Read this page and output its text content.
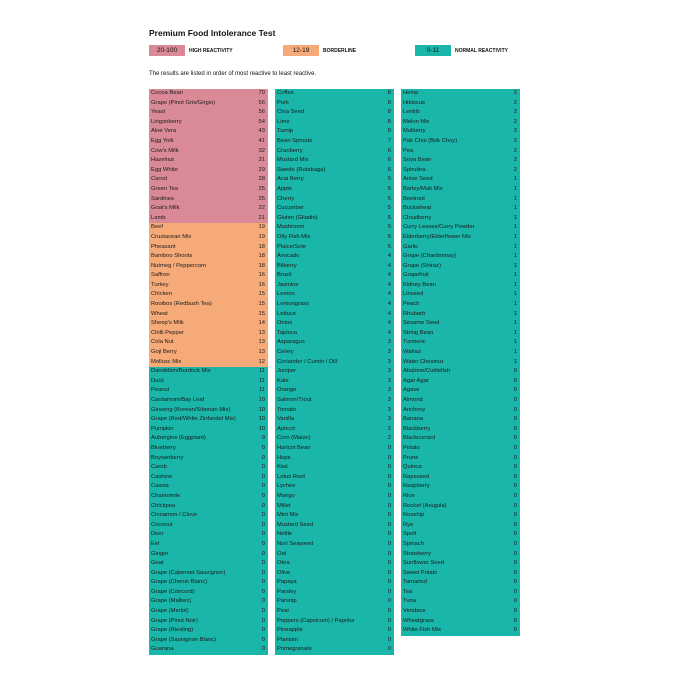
Premium Food Intolerance Test
20-100	HIGH REACTIVITY	12-19	BORDERLINE	0-11	NORMAL REACTIVITY
The results are listed in order of most reactive to least reactive.
Cocoa Bean	70
Grape (Pinot Gris/Grigio)	56
Yeast	56
Lingonberry	54
Aloe Vera	43
Egg Yolk	41
Cow's Milk	32
Hazelnut	31
Egg White	29
Carrot	28
Green Tea	25
Sardines	25
Goat's Milk	22
Lamb	21
Beef	19
Crustacean Mix	19
Pheasant	18
Bamboo Shoots	18
Nutmeg / Peppercorn	18
Saffron	16
Turkey	16
Chicken	15
Rooibos (Redbush Tea)	15
Wheat	15
Sheep's Milk	14
Chilli Pepper	13
Cola Nut	13
Goji Berry	13
Mollusc Mix	12
Dandelion/Burdock Mix	11
Duck	11
Peanut	11
Cardamom/Bay Leaf	10
Ginseng (Korean/Siberian Mix)	10
Grape (Red/White Zinfandel Mix)	10
Pumpkin	10
Aubergine (Eggplant)	9
Blueberry	0
Boysenberry	0
Carob	0
Cashew	0
Cassia	0
Chamomile	0
Chickpea	0
Cinnamon / Clove	0
Coconut	0
Deer	0
Eel	0
Ginger	0
Goat	0
Grape (Cabernet Sauvignon)	0
Grape (Chenin Blanc)	0
Grape (Concord)	0
Grape (Malbec)	0
Grape (Merlot)	0
Grape (Pinot Noir)	0
Grape (Riesling)	0
Grape (Sauvignon Blanc)	0
Guarana	0
Coffee	8
Pork	8
Chia Seed	8
Lime	8
Turnip	8
Bean Sprouts	7
Cranberry	6
Mustard Mix	6
Swede (Rutabaga)	6
Acai Berry	5
Apple	5
Cherry	5
Cucumber	5
Gluten (Gliadin)	5
Mushroom	5
Oily Fish Mix	5
Plaice/Sole	5
Avocado	4
Bilberry	4
Brazil	4
Jasmine	4
Lemon	4
Lemongrass	4
Lettuce	4
Onion	4
Tapioca	4
Asparagus	3
Celery	3
Coriander / Cumin / Dill	3
Juniper	3
Kale	3
Orange	3
Salmon/Trout	3
Tomato	3
Vanilla	3
Apricot	2
Corn (Maize)	2
Haricot Bean	0
Hops	0
Kiwi	0
Lotus Root	0
Lychee	0
Mango	0
Millet	0
Mint Mix	0
Mustard Seed	0
Nettle	0
Nori Seaweed	0
Oat	0
Okra	0
Olive	0
Papaya	0
Parsley	0
Parsnip	0
Pear	0
Peppers (Capsicum) / Paprika	0
Pineapple	0
Plantain	0
Pomegranate	0
Hemp	2
Hibiscus	2
Lentils	2
Melon Mix	2
Mulberry	2
Pak Choi (Bok Choy)	2
Pea	2
Soya Bean	2
Spirulina	2
Anise Seed	1
Barley/Malt Mix	1
Beetroot	1
Buckwheat	1
Cloudberry	1
Curry Leaves/Curry Powder	1
Elderberry/Elderflower Mix	1
Garlic	1
Grape (Chardonnay)	1
Grape (Shiraz)	1
Grapefruit	1
Kidney Bean	1
Linseed	1
Peach	1
Rhubarb	1
Sesame Seed	1
String Bean	1
Turmeric	1
Walnut	1
Water Chestnut	1
Abalone/Cuttlefish	0
Agar Agar	0
Agave	0
Almond	0
Anchovy	0
Banana	0
Blackberry	0
Blackcurrant	0
Potato	0
Prune	0
Quinoa	0
Rapeseed	0
Raspberry	0
Rice	0
Rocket (Arugula)	0
Rosehip	0
Rye	0
Spelt	0
Spinach	0
Strawberry	0
Sunflower Seed	0
Sweet Potato	0
Tamarind	0
Tea	0
Tuna	0
Vendace	0
Wheatgrass	0
White Fish Mix	0
